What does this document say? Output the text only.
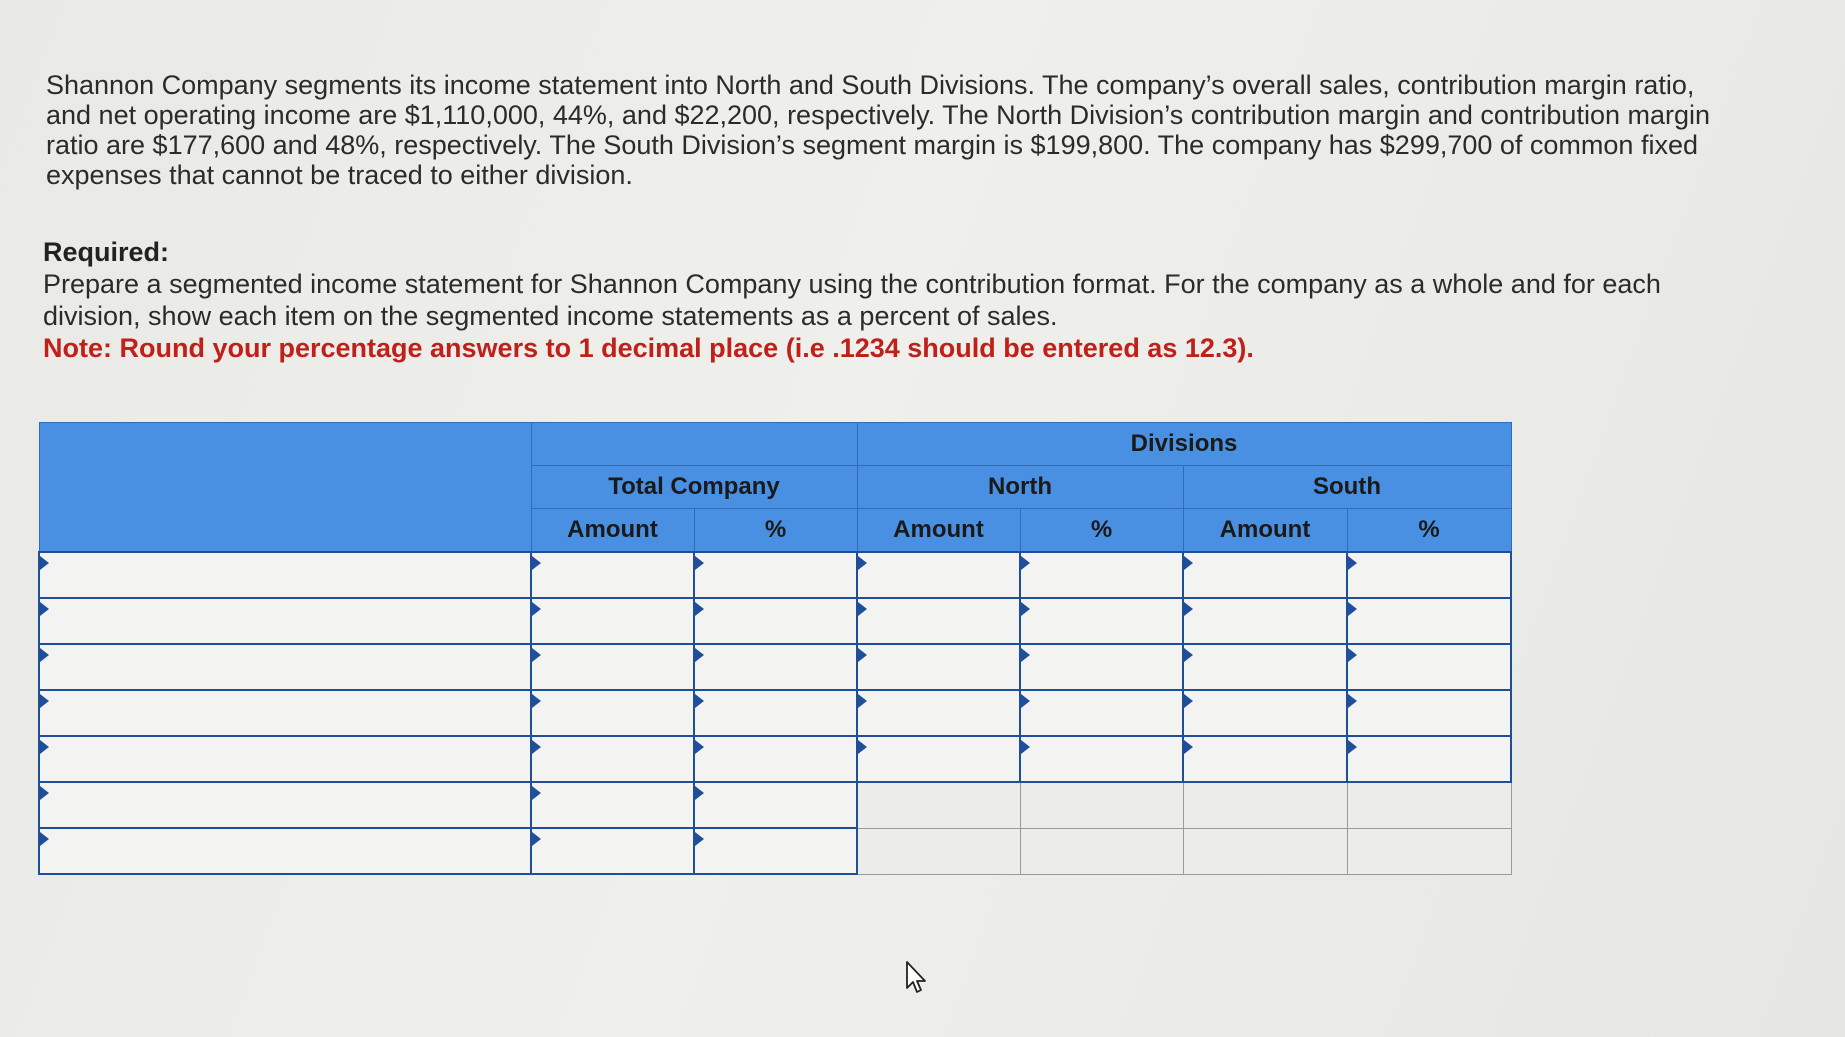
Shannon Company segments its income statement into North and South Divisions. The company’s overall sales, contribution margin ratio, and net operating income are $1,110,000, 44%, and $22,200, respectively. The North Division’s contribution margin and contribution margin ratio are $177,600 and 48%, respectively. The South Division’s segment margin is $199,800. The company has $299,700 of common fixed expenses that cannot be traced to either division.

Required:

Prepare a segmented income statement for Shannon Company using the contribution format. For the company as a whole and for each division, show each item on the segmented income statements as a percent of sales.

Note: Round your percentage answers to 1 decimal place (i.e .1234 should be entered as 12.3).

			Divisions			
	Total Company		North		South	
	Amount	%	Amount	%	Amount	%
